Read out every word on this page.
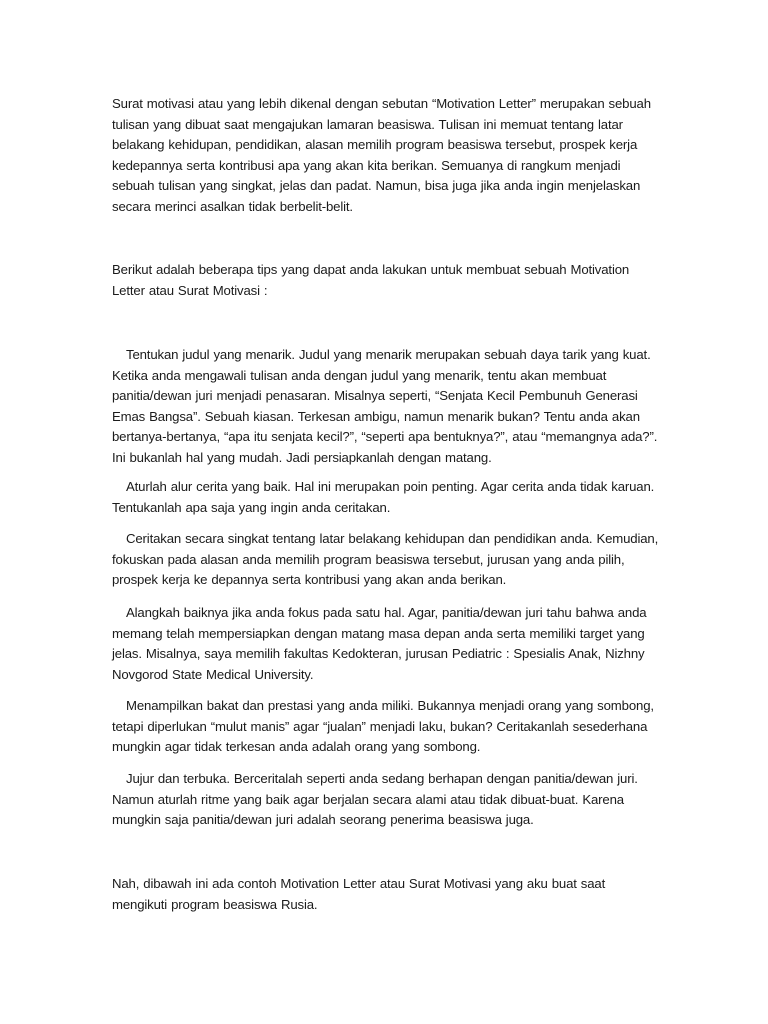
Surat motivasi atau yang lebih dikenal dengan sebutan “Motivation Letter” merupakan sebuah tulisan yang dibuat saat mengajukan lamaran beasiswa. Tulisan ini memuat tentang latar belakang kehidupan, pendidikan, alasan memilih program beasiswa tersebut, prospek kerja kedepannya serta kontribusi apa yang akan kita berikan. Semuanya di rangkum menjadi sebuah tulisan yang singkat, jelas dan padat. Namun, bisa juga jika anda ingin menjelaskan secara merinci asalkan tidak berbelit-belit.

Berikut adalah beberapa tips yang dapat anda lakukan untuk membuat sebuah Motivation Letter atau Surat Motivasi :

Tentukan judul yang menarik. Judul yang menarik merupakan sebuah daya tarik yang kuat. Ketika anda mengawali tulisan anda dengan judul yang menarik, tentu akan membuat panitia/dewan juri menjadi penasaran. Misalnya seperti, “Senjata Kecil Pembunuh Generasi Emas Bangsa”. Sebuah kiasan. Terkesan ambigu, namun menarik bukan? Tentu anda akan bertanya-bertanya, “apa itu senjata kecil?”, “seperti apa bentuknya?”, atau “memangnya ada?”. Ini bukanlah hal yang mudah. Jadi persiapkanlah dengan matang.

Aturlah alur cerita yang baik. Hal ini merupakan poin penting. Agar cerita anda tidak karuan. Tentukanlah apa saja yang ingin anda ceritakan.

Ceritakan secara singkat tentang latar belakang kehidupan dan pendidikan anda. Kemudian, fokuskan pada alasan anda memilih program beasiswa tersebut, jurusan yang anda pilih, prospek kerja ke depannya serta kontribusi yang akan anda berikan.

Alangkah baiknya jika anda fokus pada satu hal. Agar, panitia/dewan juri tahu bahwa anda memang telah mempersiapkan dengan matang masa depan anda serta memiliki target yang jelas. Misalnya, saya memilih fakultas Kedokteran, jurusan Pediatric : Spesialis Anak, Nizhny Novgorod State Medical University.

Menampilkan bakat dan prestasi yang anda miliki. Bukannya menjadi orang yang sombong, tetapi diperlukan “mulut manis” agar “jualan” menjadi laku, bukan? Ceritakanlah sesederhana mungkin agar tidak terkesan anda adalah orang yang sombong.

Jujur dan terbuka. Berceritalah seperti anda sedang berhapan dengan panitia/dewan juri. Namun aturlah ritme yang baik agar berjalan secara alami atau tidak dibuat-buat. Karena mungkin saja panitia/dewan juri adalah seorang penerima beasiswa juga.

Nah, dibawah ini ada contoh Motivation Letter atau Surat Motivasi yang aku buat saat mengikuti program beasiswa Rusia.
